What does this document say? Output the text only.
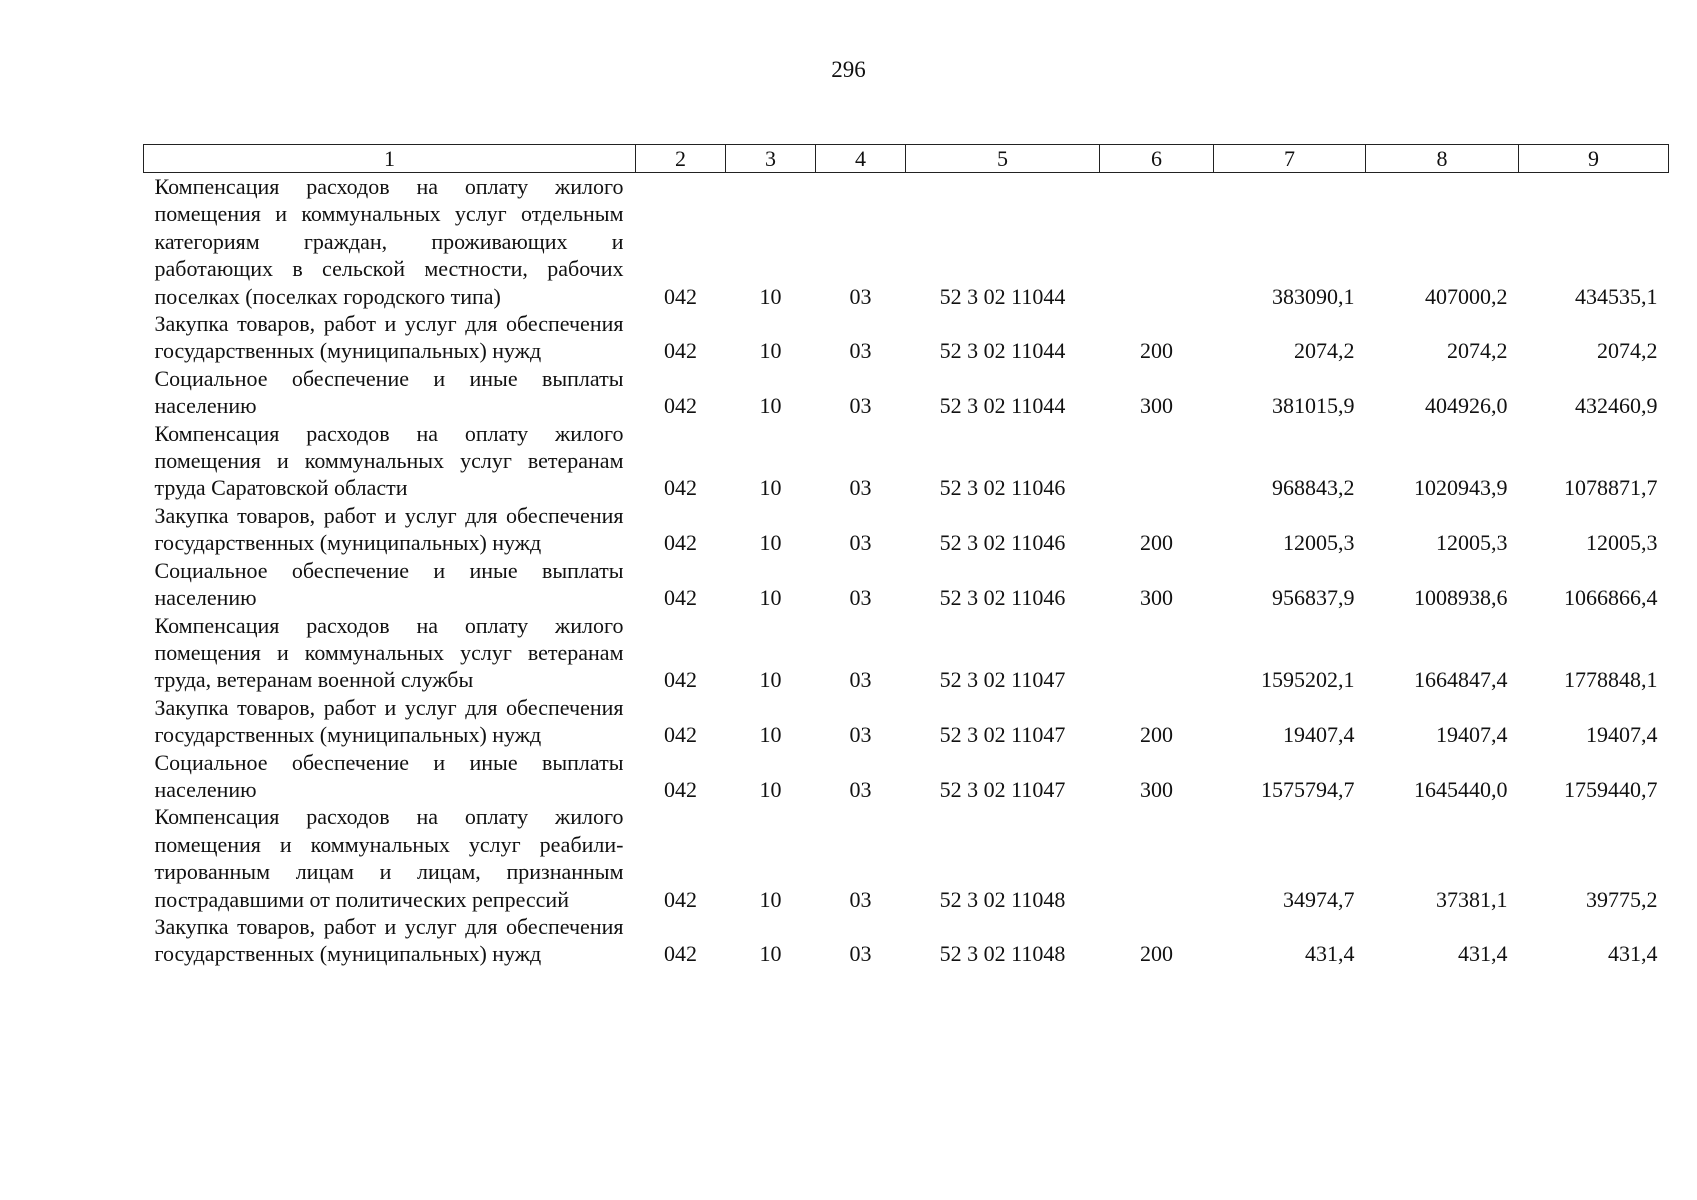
296
1	2	3	4	5	6	7	8	9
Компенсация расходов на оплату жилого помещения и коммунальных услуг отдельным категориям граждан, проживающих и работающих в сельской местности, рабочих поселках (поселках городского типа)	042	10	03	52 3 02 11044		383090,1	407000,2	434535,1
Закупка товаров, работ и услуг для обеспечения государственных (муниципальных) нужд	042	10	03	52 3 02 11044	200	2074,2	2074,2	2074,2
Социальное обеспечение и иные выплаты населению	042	10	03	52 3 02 11044	300	381015,9	404926,0	432460,9
Компенсация расходов на оплату жилого помещения и коммунальных услуг ветеранам труда Саратовской области	042	10	03	52 3 02 11046		968843,2	1020943,9	1078871,7
Закупка товаров, работ и услуг для обеспечения государственных (муниципальных) нужд	042	10	03	52 3 02 11046	200	12005,3	12005,3	12005,3
Социальное обеспечение и иные выплаты населению	042	10	03	52 3 02 11046	300	956837,9	1008938,6	1066866,4
Компенсация расходов на оплату жилого помещения и коммунальных услуг ветеранам труда, ветеранам военной службы	042	10	03	52 3 02 11047		1595202,1	1664847,4	1778848,1
Закупка товаров, работ и услуг для обеспечения государственных (муниципальных) нужд	042	10	03	52 3 02 11047	200	19407,4	19407,4	19407,4
Социальное обеспечение и иные выплаты населению	042	10	03	52 3 02 11047	300	1575794,7	1645440,0	1759440,7
Компенсация расходов на оплату жилого помещения и коммунальных услуг реабилитированным лицам и лицам, признанным пострадавшими от политических репрессий	042	10	03	52 3 02 11048		34974,7	37381,1	39775,2
Закупка товаров, работ и услуг для обеспечения государственных (муниципальных) нужд	042	10	03	52 3 02 11048	200	431,4	431,4	431,4
